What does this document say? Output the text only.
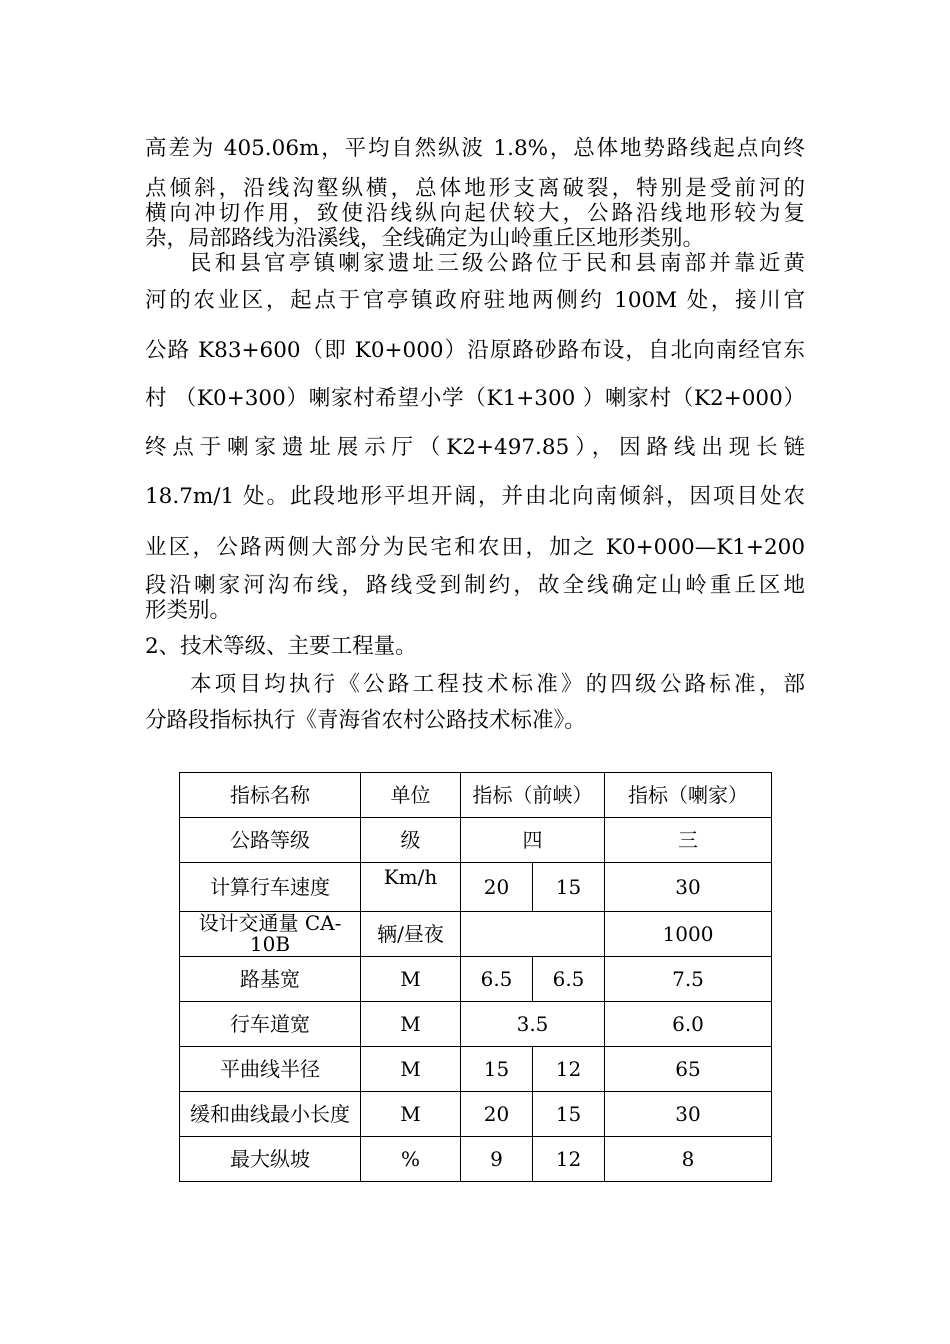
高差为 405.06m，平均自然纵波 1.8%，总体地势路线起点向终
点倾斜，沿线沟壑纵横，总体地形支离破裂，特别是受前河的
横向冲切作用，致使沿线纵向起伏较大，公路沿线地形较为复
杂，局部路线为沿溪线，全线确定为山岭重丘区地形类别。
民和县官亭镇喇家遗址三级公路位于民和县南部并靠近黄
河的农业区，起点于官亭镇政府驻地两侧约 100M 处，接川官
公路 K83+600（即 K0+000）沿原路砂路布设，自北向南经官东
村 （K0+300）喇家村希望小学（K1+300 ）喇家村（K2+000）
终点于喇家遗址展示厅（K2+497.85），因路线出现长链
18.7m/1 处。此段地形平坦开阔，并由北向南倾斜，因项目处农
业区，公路两侧大部分为民宅和农田，加之 K0+000—K1+200
段沿喇家河沟布线，路线受到制约，故全线确定山岭重丘区地
形类别。
2、技术等级、主要工程量。
本项目均执行《公路工程技术标准》的四级公路标准，部
分路段指标执行《青海省农村公路技术标准》。
指标名称	单位	指标（前峡）		指标（喇家）
公路等级	级	四		三
计算行车速度	Km/h	20	15	30
设计交通量 CA-10B	辆/昼夜			1000
路基宽	M	6.5	6.5	7.5
行车道宽	M	3.5		6.0
平曲线半径	M	15	12	65
缓和曲线最小长度	M	20	15	30
最大纵坡	%	9	12	8
